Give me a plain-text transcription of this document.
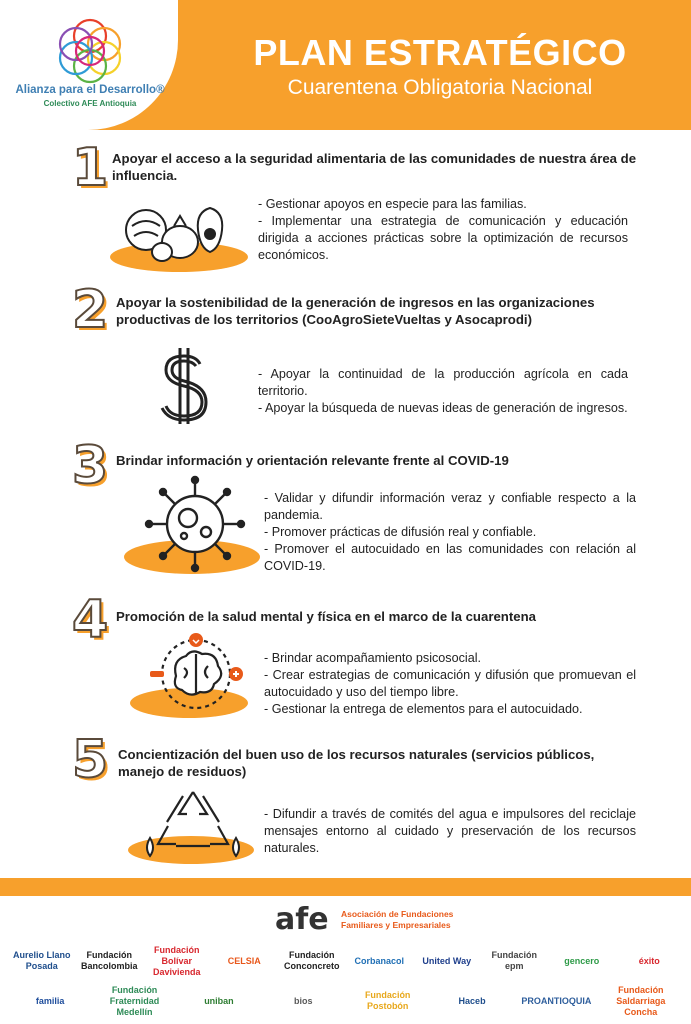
Alianza para el Desarrollo®
Colectivo AFE Antioquia
PLAN ESTRATÉGICO
Cuarentena Obligatoria Nacional
1 Apoyar el acceso a la seguridad alimentaria de las comunidades de nuestra área de influencia.

- Gestionar apoyos en especie para las familias.

- Implementar una estrategia de comunicación y educación dirigida a acciones prácticas sobre la optimización de recursos económicos.

2 Apoyar la sostenibilidad de la generación de ingresos en las organizaciones productivas de los territorios (CooAgroSieteVueltas y Asocaprodi)

- Apoyar la continuidad de la producción agrícola en cada territorio.

- Apoyar la búsqueda de nuevas ideas de generación de ingresos.

3 Brindar información y orientación relevante frente al COVID-19

- Validar y difundir información veraz y confiable respecto a la pandemia.

- Promover prácticas de difusión real y confiable.

- Promover el autocuidado en las comunidades con relación al COVID-19.

4 Promoción de la salud mental y física en el marco de la cuarentena

- Brindar acompañamiento psicosocial.

- Crear estrategias de comunicación y difusión que promuevan el autocuidado y uso del tiempo libre.

- Gestionar la entrega de elementos para el autocuidado.

5 Concientización del buen uso de los recursos naturales (servicios públicos, manejo de residuos)

- Difundir a través de comités del agua e impulsores del reciclaje mensajes entorno al cuidado y preservación de los recursos naturales.

afe Asociación de Fundaciones Familiares y Empresariales
Aurelio Llano Posada
Fundación Bancolombia
Fundación Bolívar Davivienda
CELSIA
Fundación Conconcreto
Corbanacol	United Way
Fundación epm
gencero	éxito
familia
Fundación Fraternidad Medellín
uniban	bios
Fundación Postobón
Haceb	PROANTIOQUIA
Fundación Saldarriaga Concha
